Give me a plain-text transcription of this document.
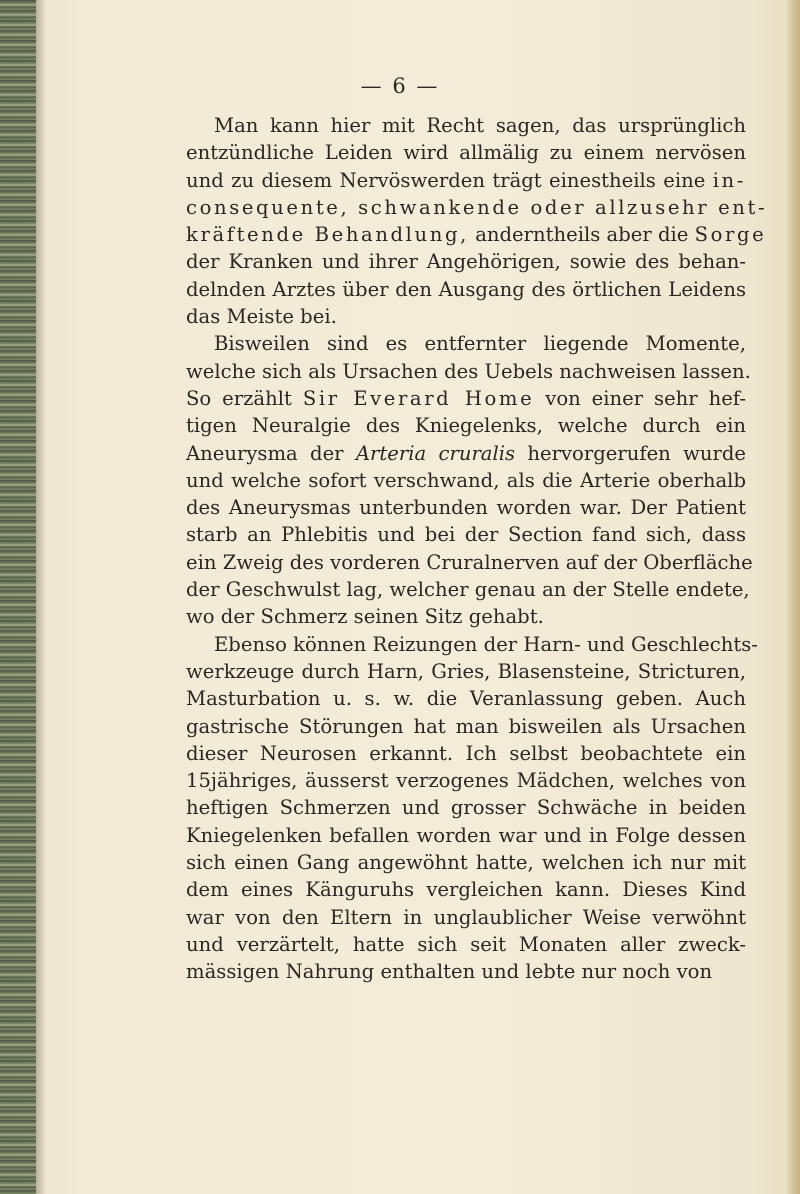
— 6 —
Man kann hier mit Recht sagen, das ursprünglich
entzündliche Leiden wird allmälig zu einem nervösen
und zu diesem Nervöswerden trägt einestheils eine in-
consequente, schwankende oder allzusehr ent-
kräftende Behandlung, anderntheils aber die Sorge
der Kranken und ihrer Angehörigen, sowie des behan-
delnden Arztes über den Ausgang des örtlichen Leidens
das Meiste bei.
Bisweilen sind es entfernter liegende Momente,
welche sich als Ursachen des Uebels nachweisen lassen.
So erzählt Sir Everard Home von einer sehr hef-
tigen Neuralgie des Kniegelenks, welche durch ein
Aneurysma der Arteria cruralis hervorgerufen wurde
und welche sofort verschwand, als die Arterie oberhalb
des Aneurysmas unterbunden worden war. Der Patient
starb an Phlebitis und bei der Section fand sich, dass
ein Zweig des vorderen Cruralnerven auf der Oberfläche
der Geschwulst lag, welcher genau an der Stelle endete,
wo der Schmerz seinen Sitz gehabt.
Ebenso können Reizungen der Harn- und Geschlechts-
werkzeuge durch Harn, Gries, Blasensteine, Stricturen,
Masturbation u. s. w. die Veranlassung geben. Auch
gastrische Störungen hat man bisweilen als Ursachen
dieser Neurosen erkannt. Ich selbst beobachtete ein
15jähriges, äusserst verzogenes Mädchen, welches von
heftigen Schmerzen und grosser Schwäche in beiden
Kniegelenken befallen worden war und in Folge dessen
sich einen Gang angewöhnt hatte, welchen ich nur mit
dem eines Känguruhs vergleichen kann. Dieses Kind
war von den Eltern in unglaublicher Weise verwöhnt
und verzärtelt, hatte sich seit Monaten aller zweck-
mässigen Nahrung enthalten und lebte nur noch von
